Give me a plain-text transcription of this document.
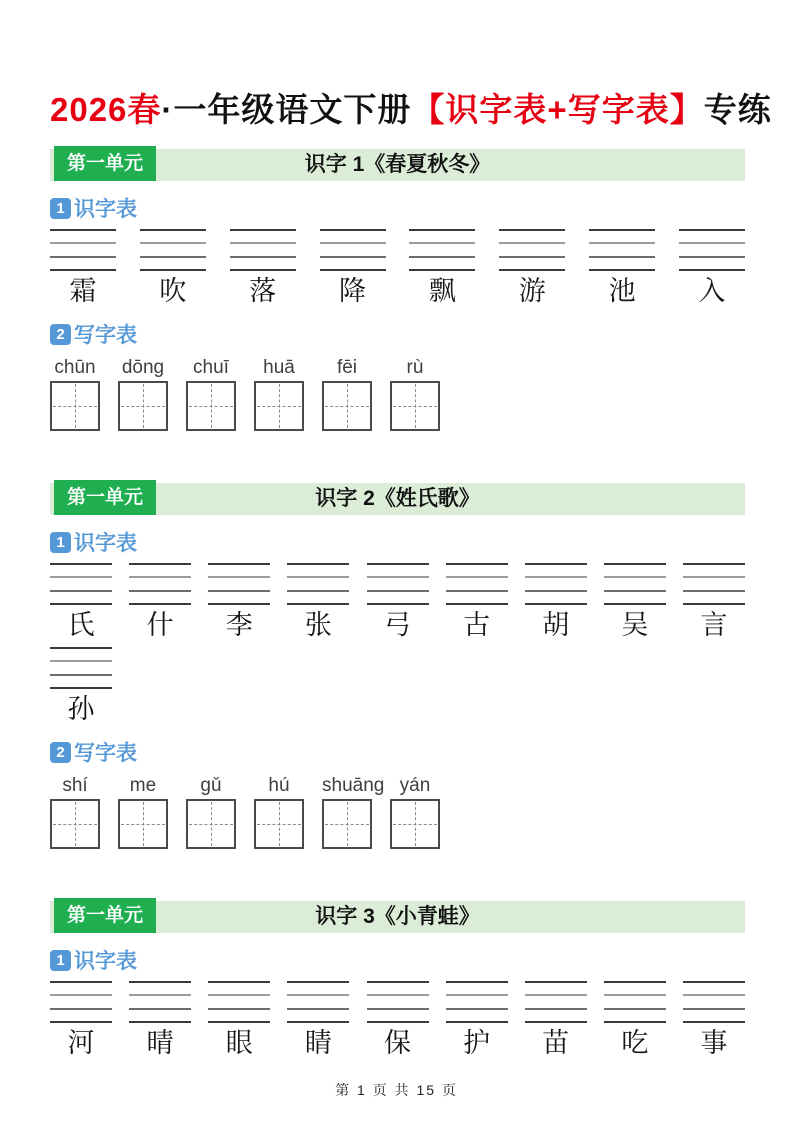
2026春·一年级语文下册【识字表+写字表】专练
第一单元	识字 1《春夏秋冬》
1 识字表
霜	吹	落	降	飘	游	池	入
2 写字表
chūn dōng	chuī	huā	fēi	rù
第一单元	识字 2《姓氏歌》
1 识字表
氏	什	李	张	弓	古	胡	吴	言
孙
2 写字表
shí	me	gǔ	hú	shuāng yán
第一单元	识字 3《小青蛙》
1 识字表
河	晴	眼	睛	保	护	苗	吃	事
第 1 页 共 15 页
